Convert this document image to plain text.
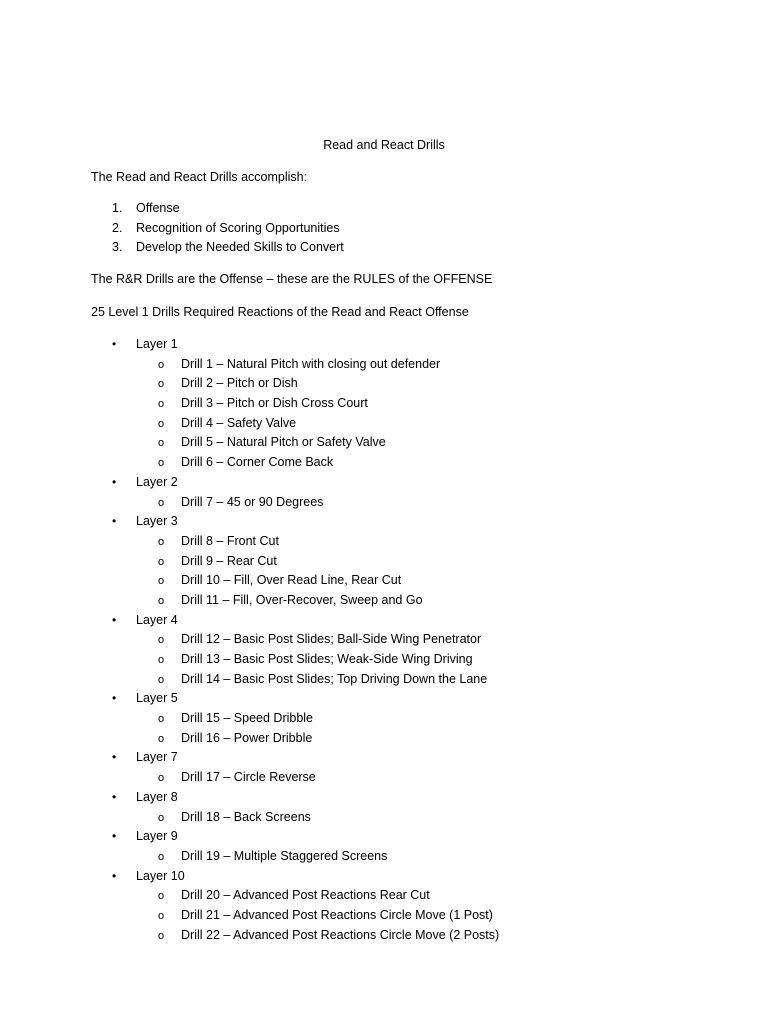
Read and React Drills
The Read and React Drills accomplish:
1. Offense
2. Recognition of Scoring Opportunities
3. Develop the Needed Skills to Convert
The R&R Drills are the Offense – these are the RULES of the OFFENSE
25 Level 1 Drills Required Reactions of the Read and React Offense
• Layer 1
o Drill 1 – Natural Pitch with closing out defender
o Drill 2 – Pitch or Dish
o Drill 3 – Pitch or Dish Cross Court
o Drill 4 – Safety Valve
o Drill 5 – Natural Pitch or Safety Valve
o Drill 6 – Corner Come Back
• Layer 2
o Drill 7 – 45 or 90 Degrees
• Layer 3
o Drill 8 – Front Cut
o Drill 9 – Rear Cut
o Drill 10 – Fill, Over Read Line, Rear Cut
o Drill 11 – Fill, Over-Recover, Sweep and Go
• Layer 4
o Drill 12 – Basic Post Slides; Ball-Side Wing Penetrator
o Drill 13 – Basic Post Slides; Weak-Side Wing Driving
o Drill 14 – Basic Post Slides; Top Driving Down the Lane
• Layer 5
o Drill 15 – Speed Dribble
o Drill 16 – Power Dribble
• Layer 7
o Drill 17 – Circle Reverse
• Layer 8
o Drill 18 – Back Screens
• Layer 9
o Drill 19 – Multiple Staggered Screens
• Layer 10
o Drill 20 – Advanced Post Reactions Rear Cut
o Drill 21 – Advanced Post Reactions Circle Move (1 Post)
o Drill 22 – Advanced Post Reactions Circle Move (2 Posts)
